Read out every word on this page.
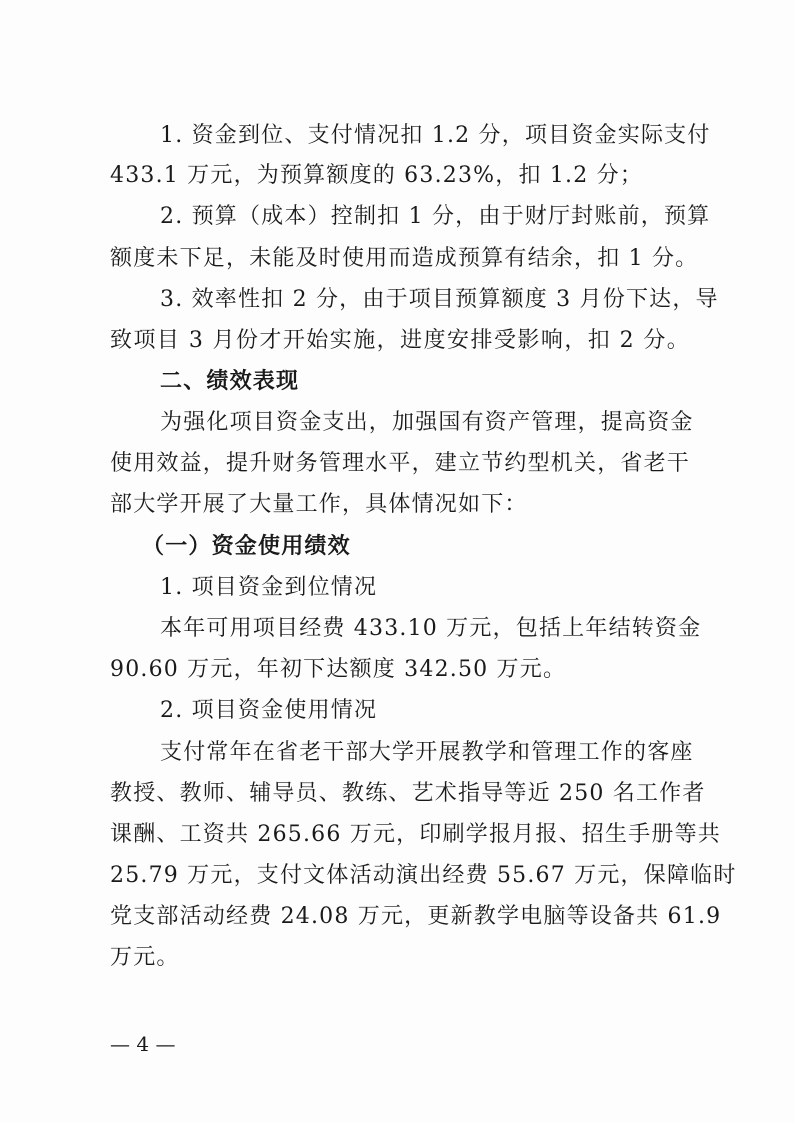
1. 资金到位、支付情况扣 1.2 分，项目资金实际支付
433.1 万元，为预算额度的 63.23%，扣 1.2 分；
2. 预算（成本）控制扣 1 分，由于财厅封账前，预算
额度未下足，未能及时使用而造成预算有结余，扣 1 分。
3. 效率性扣 2 分，由于项目预算额度 3 月份下达，导
致项目 3 月份才开始实施，进度安排受影响，扣 2 分。
二、绩效表现
为强化项目资金支出，加强国有资产管理，提高资金
使用效益，提升财务管理水平，建立节约型机关，省老干
部大学开展了大量工作，具体情况如下：
（一）资金使用绩效
1. 项目资金到位情况
本年可用项目经费 433.10 万元，包括上年结转资金
90.60 万元，年初下达额度 342.50 万元。
2. 项目资金使用情况
支付常年在省老干部大学开展教学和管理工作的客座
教授、教师、辅导员、教练、艺术指导等近 250 名工作者
课酬、工资共 265.66 万元，印刷学报月报、招生手册等共
25.79 万元，支付文体活动演出经费 55.67 万元，保障临时
党支部活动经费 24.08 万元，更新教学电脑等设备共 61.9
万元。
— 4 —
